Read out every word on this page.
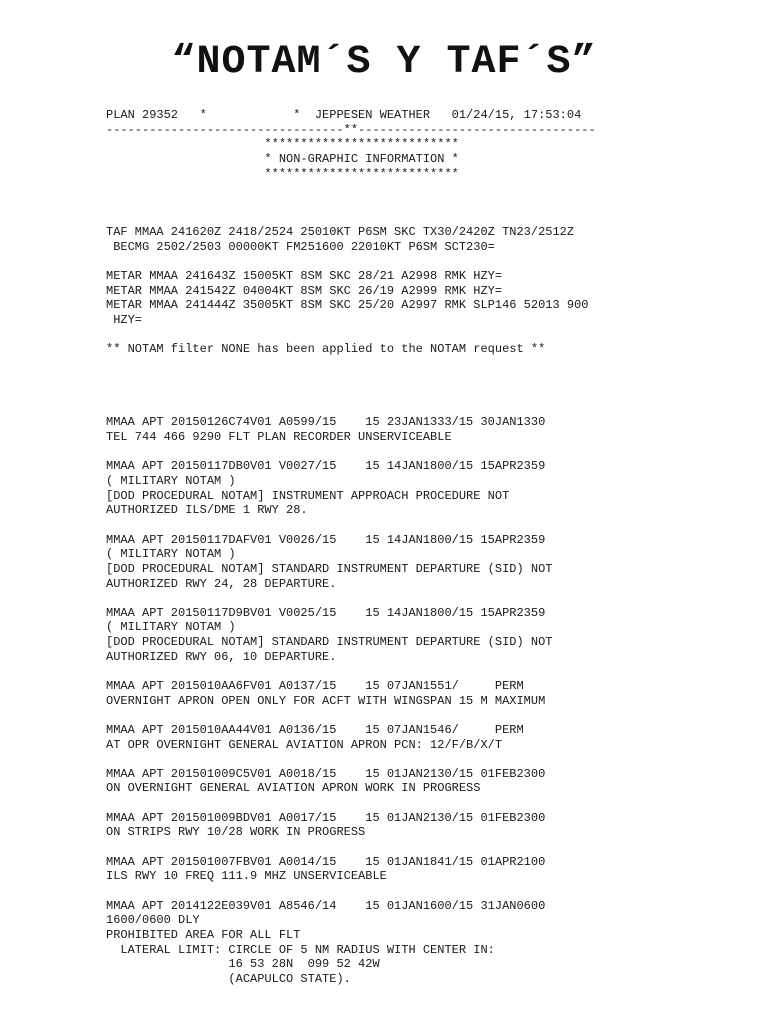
“NOTAM´S Y TAF´S”
PLAN 29352   *            *  JEPPESEN WEATHER   01/24/15, 17:53:04
---------------------------------**---------------------------------
***************************
* NON-GRAPHIC INFORMATION *
***************************
TAF MMAA 241620Z 2418/2524 25010KT P6SM SKC TX30/2420Z TN23/2512Z
BECMG 2502/2503 00000KT FM251600 22010KT P6SM SCT230=
METAR MMAA 241643Z 15005KT 8SM SKC 28/21 A2998 RMK HZY=
METAR MMAA 241542Z 04004KT 8SM SKC 26/19 A2999 RMK HZY=
METAR MMAA 241444Z 35005KT 8SM SKC 25/20 A2997 RMK SLP146 52013 900
HZY=
** NOTAM filter NONE has been applied to the NOTAM request **
MMAA APT 20150126C74V01 A0599/15    15 23JAN1333/15 30JAN1330
TEL 744 466 9290 FLT PLAN RECORDER UNSERVICEABLE
MMAA APT 20150117DB0V01 V0027/15    15 14JAN1800/15 15APR2359
( MILITARY NOTAM )
[DOD PROCEDURAL NOTAM] INSTRUMENT APPROACH PROCEDURE NOT
AUTHORIZED ILS/DME 1 RWY 28.
MMAA APT 20150117DAFV01 V0026/15    15 14JAN1800/15 15APR2359
( MILITARY NOTAM )
[DOD PROCEDURAL NOTAM] STANDARD INSTRUMENT DEPARTURE (SID) NOT
AUTHORIZED RWY 24, 28 DEPARTURE.
MMAA APT 20150117D9BV01 V0025/15    15 14JAN1800/15 15APR2359
( MILITARY NOTAM )
[DOD PROCEDURAL NOTAM] STANDARD INSTRUMENT DEPARTURE (SID) NOT
AUTHORIZED RWY 06, 10 DEPARTURE.
MMAA APT 2015010AA6FV01 A0137/15    15 07JAN1551/     PERM
OVERNIGHT APRON OPEN ONLY FOR ACFT WITH WINGSPAN 15 M MAXIMUM
MMAA APT 2015010AA44V01 A0136/15    15 07JAN1546/     PERM
AT OPR OVERNIGHT GENERAL AVIATION APRON PCN: 12/F/B/X/T
MMAA APT 201501009C5V01 A0018/15    15 01JAN2130/15 01FEB2300
ON OVERNIGHT GENERAL AVIATION APRON WORK IN PROGRESS
MMAA APT 201501009BDV01 A0017/15    15 01JAN2130/15 01FEB2300
ON STRIPS RWY 10/28 WORK IN PROGRESS
MMAA APT 201501007FBV01 A0014/15    15 01JAN1841/15 01APR2100
ILS RWY 10 FREQ 111.9 MHZ UNSERVICEABLE
MMAA APT 2014122E039V01 A8546/14    15 01JAN1600/15 31JAN0600
1600/0600 DLY
PROHIBITED AREA FOR ALL FLT
LATERAL LIMIT: CIRCLE OF 5 NM RADIUS WITH CENTER IN:
16 53 28N  099 52 42W
(ACAPULCO STATE).
